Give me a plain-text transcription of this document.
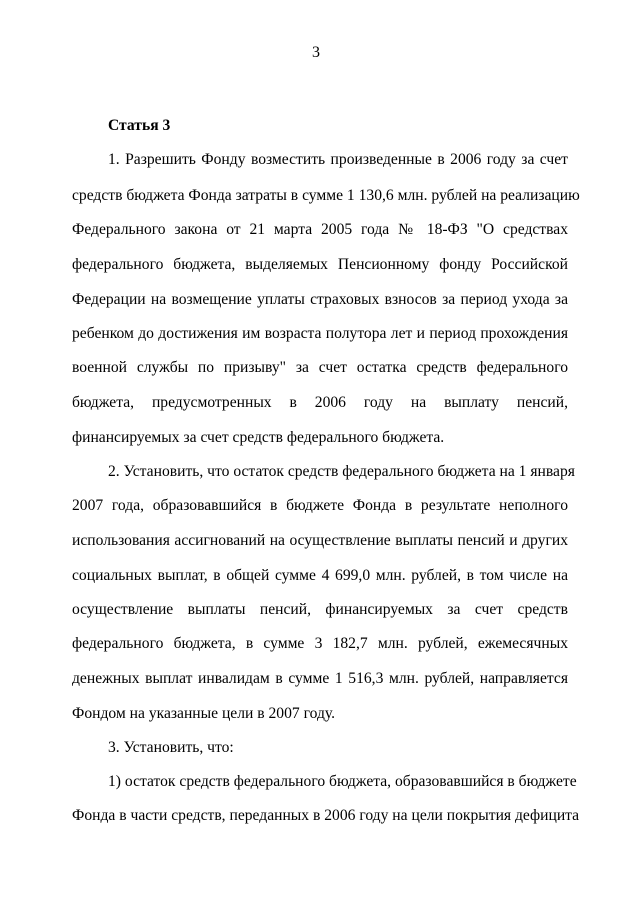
3
Статья 3
1. Разрешить Фонду возместить произведенные в 2006 году за счет
средств бюджета Фонда затраты в сумме 1 130,6 млн. рублей на реализацию
Федерального закона от 21 марта 2005 года № 18-ФЗ "О средствах
федерального бюджета, выделяемых Пенсионному фонду Российской
Федерации на возмещение уплаты страховых взносов за период ухода за
ребенком до достижения им возраста полутора лет и период прохождения
военной службы по призыву" за счет остатка средств федерального
бюджета, предусмотренных в 2006 году на выплату пенсий,
финансируемых за счет средств федерального бюджета.
2. Установить, что остаток средств федерального бюджета на 1 января
2007 года, образовавшийся в бюджете Фонда в результате неполного
использования ассигнований на осуществление выплаты пенсий и других
социальных выплат, в общей сумме 4 699,0 млн. рублей, в том числе на
осуществление выплаты пенсий, финансируемых за счет средств
федерального бюджета, в сумме 3 182,7 млн. рублей, ежемесячных
денежных выплат инвалидам в сумме 1 516,3 млн. рублей, направляется
Фондом на указанные цели в 2007 году.
3. Установить, что:
1) остаток средств федерального бюджета, образовавшийся в бюджете
Фонда в части средств, переданных в 2006 году на цели покрытия дефицита
